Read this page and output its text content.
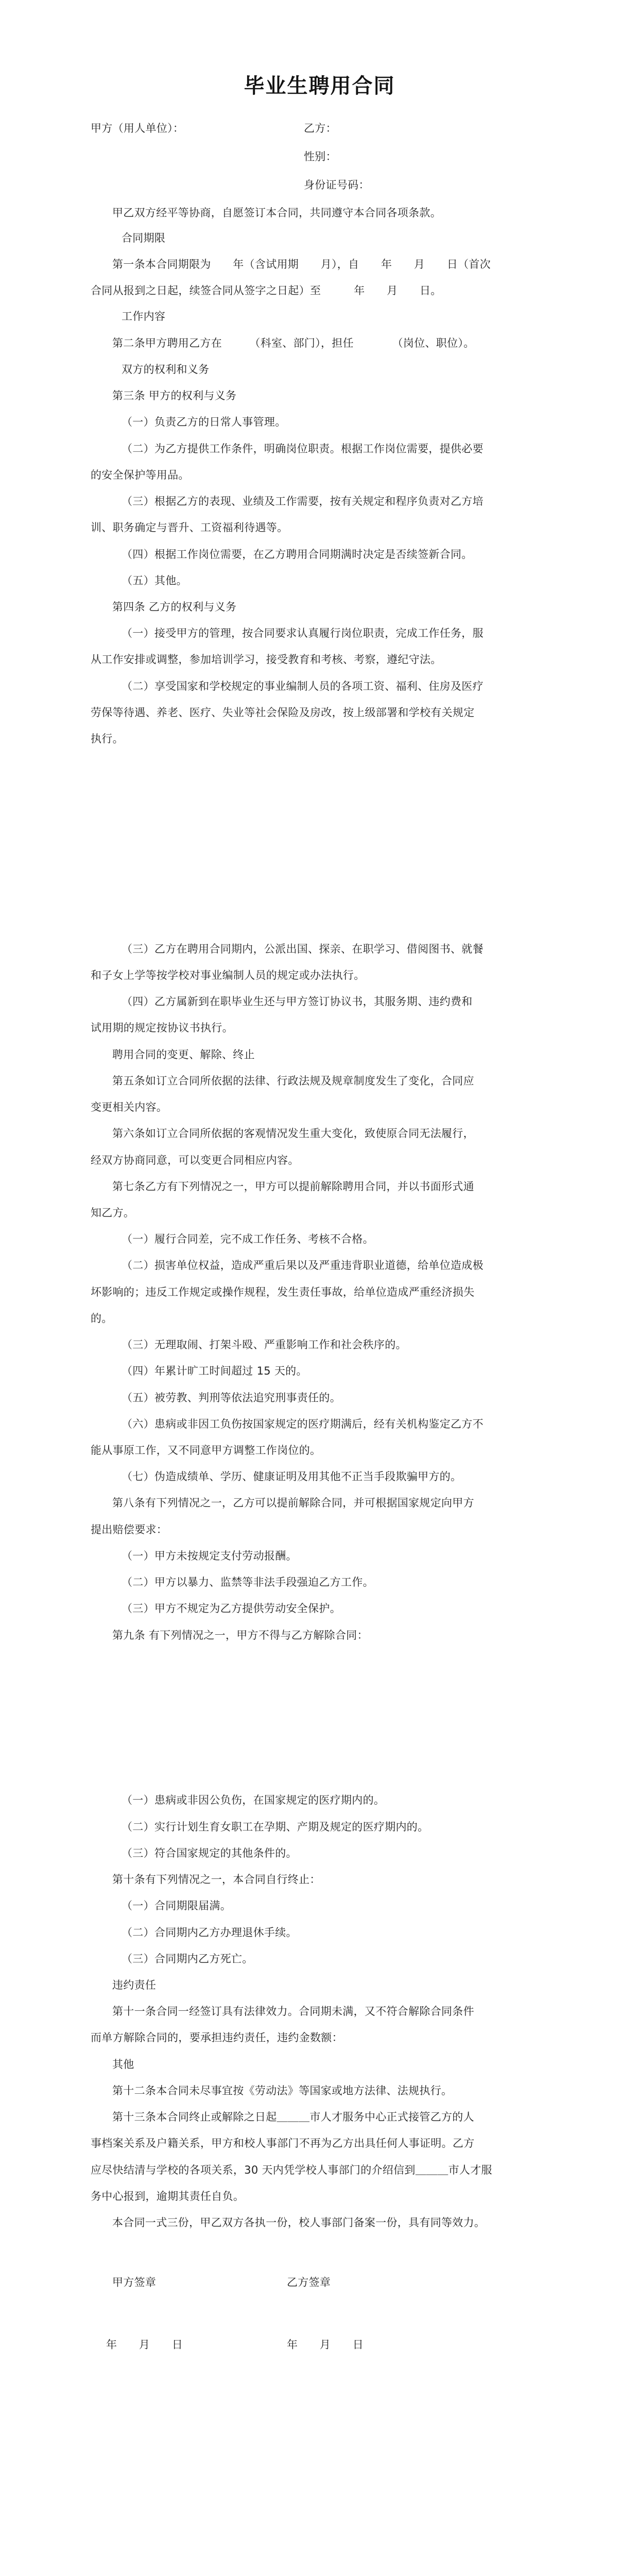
毕业生聘用合同
甲方（用人单位）：	乙方：
性别：
身份证号码：
甲乙双方经平等协商，自愿签订本合同，共同遵守本合同各项条款。
合同期限
第一条本合同期限为　　年（含试用期　　月），自　　年　　月　　日（首次
合同从报到之日起，续签合同从签字之日起）至　　　年　　月　　日。
工作内容
第二条甲方聘用乙方在　　　（科室、部门），担任　　　　（岗位、职位）。
双方的权利和义务
第三条 甲方的权利与义务
（一）负责乙方的日常人事管理。
（二）为乙方提供工作条件，明确岗位职责。根据工作岗位需要，提供必要
的安全保护等用品。
（三）根据乙方的表现、业绩及工作需要，按有关规定和程序负责对乙方培
训、职务确定与晋升、工资福利待遇等。
（四）根据工作岗位需要，在乙方聘用合同期满时决定是否续签新合同。
（五）其他。
第四条 乙方的权利与义务
（一）接受甲方的管理，按合同要求认真履行岗位职责，完成工作任务，服
从工作安排或调整，参加培训学习，接受教育和考核、考察，遵纪守法。
（二）享受国家和学校规定的事业编制人员的各项工资、福利、住房及医疗
劳保等待遇、养老、医疗、失业等社会保险及房改，按上级部署和学校有关规定
执行。
（三）乙方在聘用合同期内，公派出国、探亲、在职学习、借阅图书、就餐
和子女上学等按学校对事业编制人员的规定或办法执行。
（四）乙方属新到在职毕业生还与甲方签订协议书，其服务期、违约费和
试用期的规定按协议书执行。
聘用合同的变更、解除、终止
第五条如订立合同所依据的法律、行政法规及规章制度发生了变化，合同应
变更相关内容。
第六条如订立合同所依据的客观情况发生重大变化，致使原合同无法履行，
经双方协商同意，可以变更合同相应内容。
第七条乙方有下列情况之一，甲方可以提前解除聘用合同，并以书面形式通
知乙方。
（一）履行合同差，完不成工作任务、考核不合格。
（二）损害单位权益，造成严重后果以及严重违背职业道德，给单位造成极
坏影响的；违反工作规定或操作规程，发生责任事故，给单位造成严重经济损失
的。
（三）无理取闹、打架斗殴、严重影响工作和社会秩序的。
（四）年累计旷工时间超过 15 天的。
（五）被劳教、判刑等依法追究刑事责任的。
（六）患病或非因工负伤按国家规定的医疗期满后，经有关机构鉴定乙方不
能从事原工作，又不同意甲方调整工作岗位的。
（七）伪造成绩单、学历、健康证明及用其他不正当手段欺骗甲方的。
第八条有下列情况之一，乙方可以提前解除合同，并可根据国家规定向甲方
提出赔偿要求：
（一）甲方未按规定支付劳动报酬。
（二）甲方以暴力、监禁等非法手段强迫乙方工作。
（三）甲方不规定为乙方提供劳动安全保护。
第九条 有下列情况之一，甲方不得与乙方解除合同：
（一）患病或非因公负伤，在国家规定的医疗期内的。
（二）实行计划生育女职工在孕期、产期及规定的医疗期内的。
（三）符合国家规定的其他条件的。
第十条有下列情况之一，本合同自行终止：
（一）合同期限届满。
（二）合同期内乙方办理退休手续。
（三）合同期内乙方死亡。
违约责任
第十一条合同一经签订具有法律效力。合同期未满，又不符合解除合同条件
而单方解除合同的，要承担违约责任，违约金数额：
其他
第十二条本合同未尽事宜按《劳动法》等国家或地方法律、法规执行。
第十三条本合同终止或解除之日起＿＿＿市人才服务中心正式接管乙方的人
事档案关系及户籍关系，甲方和校人事部门不再为乙方出具任何人事证明。乙方
应尽快结清与学校的各项关系，30 天内凭学校人事部门的介绍信到＿＿＿市人才服
务中心报到，逾期其责任自负。
本合同一式三份，甲乙双方各执一份，校人事部门备案一份，具有同等效力。
甲方签章	乙方签章
年　　月　　日	年　　月　　日
